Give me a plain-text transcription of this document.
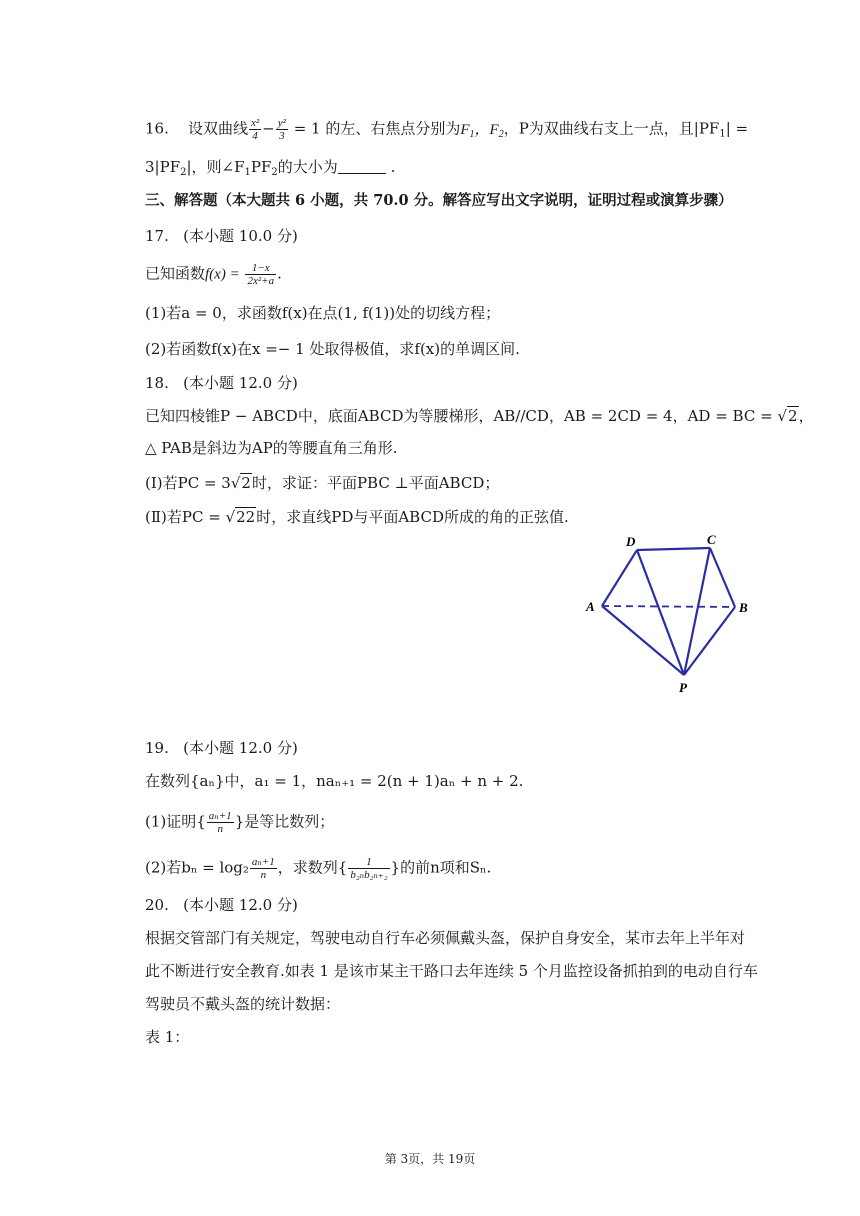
16. 设双曲线 $\frac{\text{x²}}{4} - \frac{\text{y²}}{3} = 1$ 的左、右焦点分别为$F_1$，$F_2$，P为双曲线右支上一点，且$|PF_1|$ =
$3|PF_2|$，则$\angle F_1PF_2$的大小为	.
三、解答题（本大题共 6 小题，共 70.0 分。解答应写出文字说明，证明过程或演算步骤）
17. (本小题 10.0 分)
已知函数$f(x) = \frac{1-x}{\text{2x²+a}}$ .
(1)若a = 0，求函数f(x)在点(1, f(1))处的切线方程；
(2)若函数f(x)在x =− 1 处取得极值，求f(x)的单调区间.
18. (本小题 12.0 分)
已知四棱锥P − ABCD中，底面ABCD为等腰梯形，AB//CD，AB = 2CD = 4，AD = BC = √2，
△ PAB是斜边为AP的等腰直角三角形.
(Ⅰ)若PC = 3√2时，求证：平面PBC ⊥平面ABCD；
(Ⅱ)若PC = √22时，求直线PD与平面ABCD所成的角的正弦值.
D	C
A	B
P
19. (本小题 12.0 分)
在数列{aₙ}中，a₁ = 1，naₙ₊₁ = 2(n + 1)aₙ + n + 2.
(1)证明{ $\frac{\text{aₙ+1}}{n}$ }是等比数列；
(2)若$b_n = \log_2 \frac{\text{aₙ+1}}{n}$ ，求数列{ $\frac{1}{\text{b₂ₙb₂ₙ₊₂}}$ }的前n项和Sₙ.
20. (本小题 12.0 分)
根据交管部门有关规定，驾驶电动自行车必须佩戴头盔，保护自身安全，某市去年上半年对
此不断进行安全教育.如表 1 是该市某主干路口去年连续 5 个月监控设备抓拍到的电动自行车
驾驶员不戴头盔的统计数据：
表 1：
第 3页，共 19页
